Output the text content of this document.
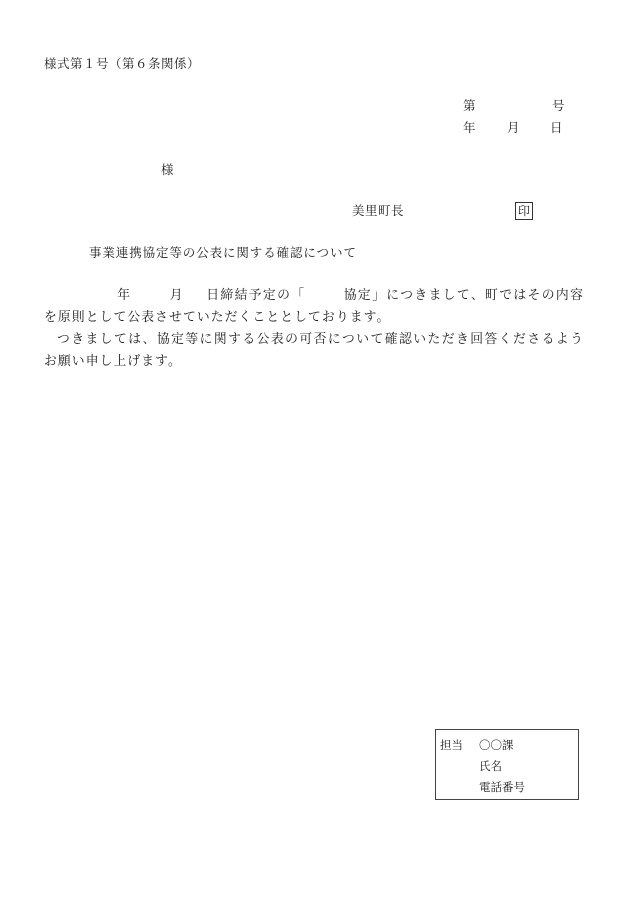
様式第１号（第６条関係）
第	号
年 月 日
様
美里町長	印
事業連携協定等の公表に関する確認について
年	月 日締結予定の「	協定」につきまして、町ではその内容を原則として公表させていただくこととしております。
つきましては、協定等に関する公表の可否について確認いただき回答くださるようお願い申し上げます。
担当 〇〇課
氏名
電話番号
